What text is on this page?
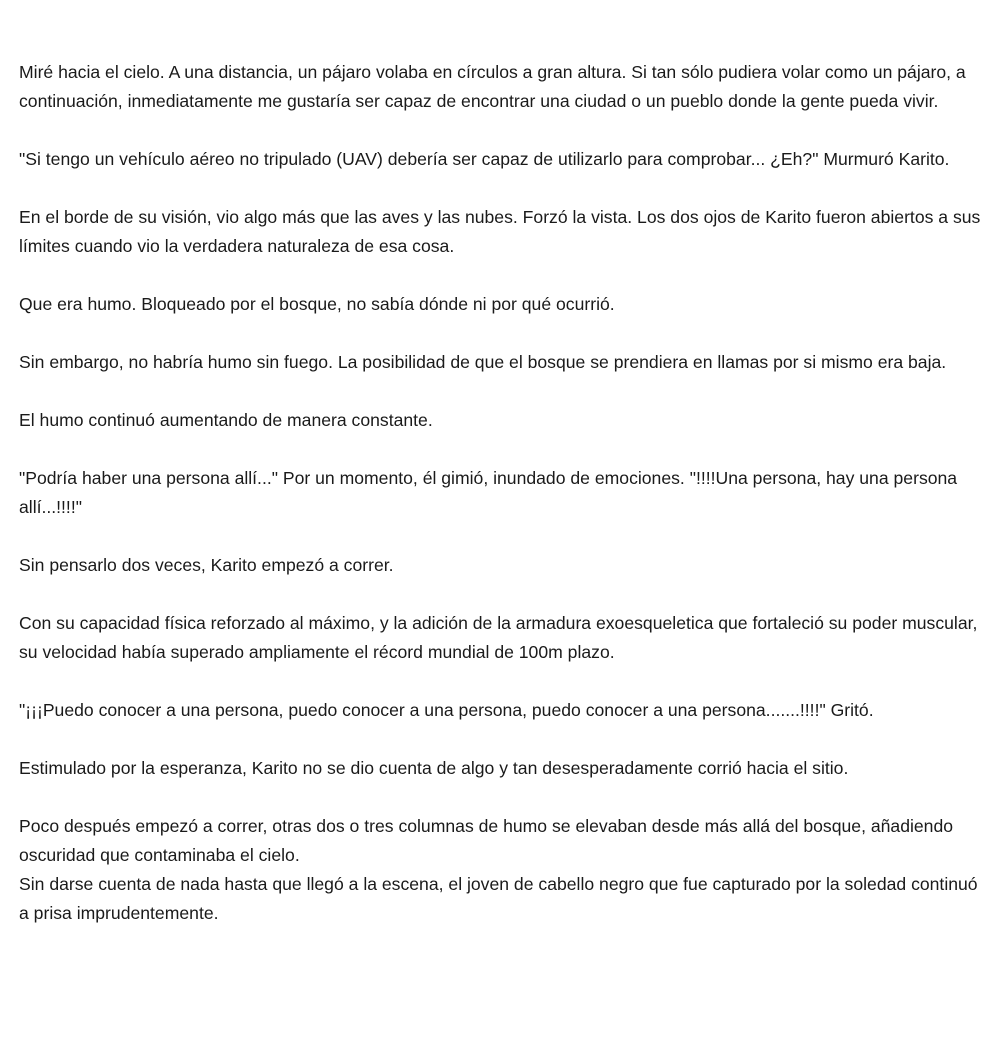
Miré hacia el cielo. A una distancia, un pájaro volaba en círculos a gran altura. Si tan sólo pudiera volar como un pájaro, a continuación, inmediatamente me gustaría ser capaz de encontrar una ciudad o un pueblo donde la gente pueda vivir.

"Si tengo un vehículo aéreo no tripulado (UAV) debería ser capaz de utilizarlo para comprobar... ¿Eh?" Murmuró Karito.

En el borde de su visión, vio algo más que las aves y las nubes. Forzó la vista. Los dos ojos de Karito fueron abiertos a sus límites cuando vio la verdadera naturaleza de esa cosa.

Que era humo. Bloqueado por el bosque, no sabía dónde ni por qué ocurrió.

Sin embargo, no habría humo sin fuego. La posibilidad de que el bosque se prendiera en llamas por si mismo era baja.

El humo continuó aumentando de manera constante.

"Podría haber una persona allí..." Por un momento, él gimió, inundado de emociones. "!!!!Una persona, hay una persona allí...!!!!"

Sin pensarlo dos veces, Karito empezó a correr.

Con su capacidad física reforzado al máximo, y la adición de la armadura exoesqueletica que fortaleció su poder muscular, su velocidad había superado ampliamente el récord mundial de 100m plazo.

"¡¡¡Puedo conocer a una persona, puedo conocer a una persona, puedo conocer a una persona.......!!!!" Gritó.

Estimulado por la esperanza, Karito no se dio cuenta de algo y tan desesperadamente corrió hacia el sitio.

Poco después empezó a correr, otras dos o tres columnas de humo se elevaban desde más allá del bosque, añadiendo oscuridad que contaminaba el cielo.

Sin darse cuenta de nada hasta que llegó a la escena, el joven de cabello negro que fue capturado por la soledad continuó a prisa imprudentemente.
